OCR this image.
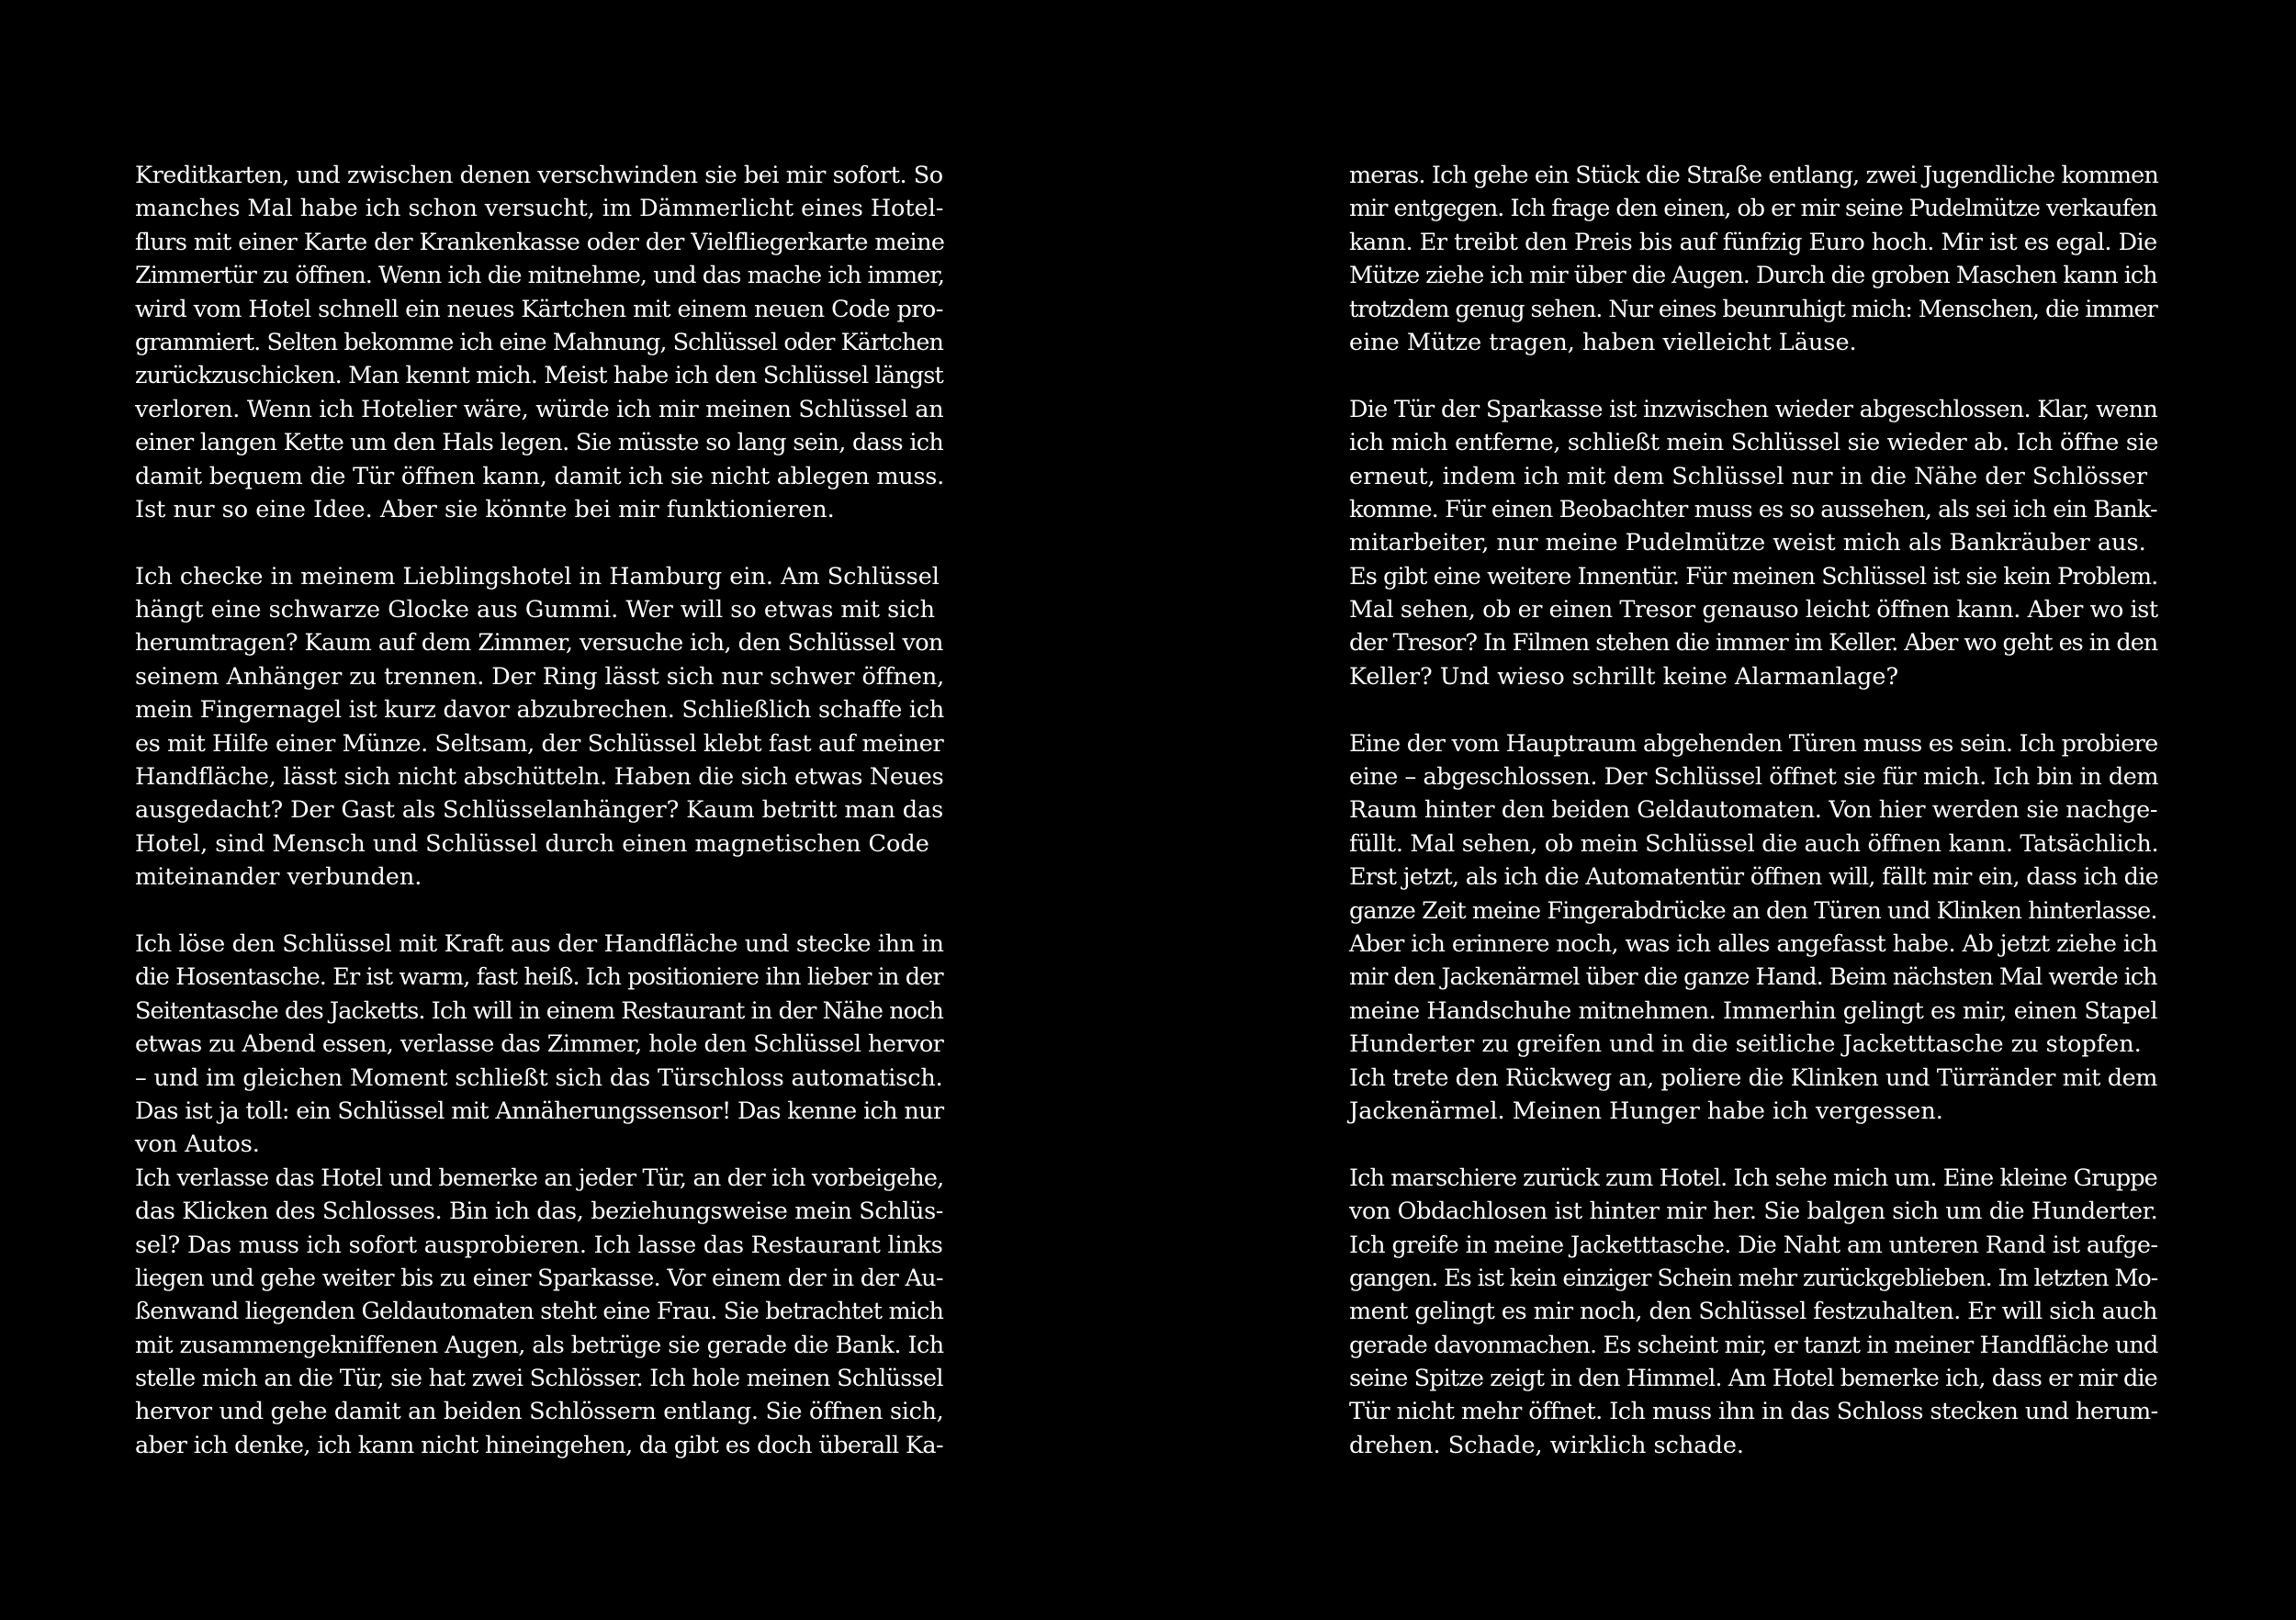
Kreditkarten, und zwischen denen verschwinden sie bei mir sofort. So
manches Mal habe ich schon versucht, im Dämmerlicht eines Hotel-
flurs mit einer Karte der Krankenkasse oder der Vielfliegerkarte meine
Zimmertür zu öffnen. Wenn ich die mitnehme, und das mache ich immer,
wird vom Hotel schnell ein neues Kärtchen mit einem neuen Code pro-
grammiert. Selten bekomme ich eine Mahnung, Schlüssel oder Kärtchen
zurückzuschicken. Man kennt mich. Meist habe ich den Schlüssel längst
verloren. Wenn ich Hotelier wäre, würde ich mir meinen Schlüssel an
einer langen Kette um den Hals legen. Sie müsste so lang sein, dass ich
damit bequem die Tür öffnen kann, damit ich sie nicht ablegen muss.
Ist nur so eine Idee. Aber sie könnte bei mir funktionieren.
Ich checke in meinem Lieblingshotel in Hamburg ein. Am Schlüssel
hängt eine schwarze Glocke aus Gummi. Wer will so etwas mit sich
herumtragen? Kaum auf dem Zimmer, versuche ich, den Schlüssel von
seinem Anhänger zu trennen. Der Ring lässt sich nur schwer öffnen,
mein Fingernagel ist kurz davor abzubrechen. Schließlich schaffe ich
es mit Hilfe einer Münze. Seltsam, der Schlüssel klebt fast auf meiner
Handfläche, lässt sich nicht abschütteln. Haben die sich etwas Neues
ausgedacht? Der Gast als Schlüsselanhänger? Kaum betritt man das
Hotel, sind Mensch und Schlüssel durch einen magnetischen Code
miteinander verbunden.
Ich löse den Schlüssel mit Kraft aus der Handfläche und stecke ihn in
die Hosentasche. Er ist warm, fast heiß. Ich positioniere ihn lieber in der
Seitentasche des Jacketts. Ich will in einem Restaurant in der Nähe noch
etwas zu Abend essen, verlasse das Zimmer, hole den Schlüssel hervor
– und im gleichen Moment schließt sich das Türschloss automatisch.
Das ist ja toll: ein Schlüssel mit Annäherungssensor! Das kenne ich nur
von Autos.
Ich verlasse das Hotel und bemerke an jeder Tür, an der ich vorbeigehe,
das Klicken des Schlosses. Bin ich das, beziehungsweise mein Schlüs-
sel? Das muss ich sofort ausprobieren. Ich lasse das Restaurant links
liegen und gehe weiter bis zu einer Sparkasse. Vor einem der in der Au-
ßenwand liegenden Geldautomaten steht eine Frau. Sie betrachtet mich
mit zusammengekniffenen Augen, als betrüge sie gerade die Bank. Ich
stelle mich an die Tür, sie hat zwei Schlösser. Ich hole meinen Schlüssel
hervor und gehe damit an beiden Schlössern entlang. Sie öffnen sich,
aber ich denke, ich kann nicht hineingehen, da gibt es doch überall Ka-
meras. Ich gehe ein Stück die Straße entlang, zwei Jugendliche kommen
mir entgegen. Ich frage den einen, ob er mir seine Pudelmütze verkaufen
kann. Er treibt den Preis bis auf fünfzig Euro hoch. Mir ist es egal. Die
Mütze ziehe ich mir über die Augen. Durch die groben Maschen kann ich
trotzdem genug sehen. Nur eines beunruhigt mich: Menschen, die immer
eine Mütze tragen, haben vielleicht Läuse.
Die Tür der Sparkasse ist inzwischen wieder abgeschlossen. Klar, wenn
ich mich entferne, schließt mein Schlüssel sie wieder ab. Ich öffne sie
erneut, indem ich mit dem Schlüssel nur in die Nähe der Schlösser
komme. Für einen Beobachter muss es so aussehen, als sei ich ein Bank-
mitarbeiter, nur meine Pudelmütze weist mich als Bankräuber aus.
Es gibt eine weitere Innentür. Für meinen Schlüssel ist sie kein Problem.
Mal sehen, ob er einen Tresor genauso leicht öffnen kann. Aber wo ist
der Tresor? In Filmen stehen die immer im Keller. Aber wo geht es in den
Keller? Und wieso schrillt keine Alarmanlage?
Eine der vom Hauptraum abgehenden Türen muss es sein. Ich probiere
eine – abgeschlossen. Der Schlüssel öffnet sie für mich. Ich bin in dem
Raum hinter den beiden Geldautomaten. Von hier werden sie nachge-
füllt. Mal sehen, ob mein Schlüssel die auch öffnen kann. Tatsächlich.
Erst jetzt, als ich die Automatentür öffnen will, fällt mir ein, dass ich die
ganze Zeit meine Fingerabdrücke an den Türen und Klinken hinterlasse.
Aber ich erinnere noch, was ich alles angefasst habe. Ab jetzt ziehe ich
mir den Jackenärmel über die ganze Hand. Beim nächsten Mal werde ich
meine Handschuhe mitnehmen. Immerhin gelingt es mir, einen Stapel
Hunderter zu greifen und in die seitliche Jacketttasche zu stopfen.
Ich trete den Rückweg an, poliere die Klinken und Türränder mit dem
Jackenärmel. Meinen Hunger habe ich vergessen.
Ich marschiere zurück zum Hotel. Ich sehe mich um. Eine kleine Gruppe
von Obdachlosen ist hinter mir her. Sie balgen sich um die Hunderter.
Ich greife in meine Jacketttasche. Die Naht am unteren Rand ist aufge-
gangen. Es ist kein einziger Schein mehr zurückgeblieben. Im letzten Mo-
ment gelingt es mir noch, den Schlüssel festzuhalten. Er will sich auch
gerade davonmachen. Es scheint mir, er tanzt in meiner Handfläche und
seine Spitze zeigt in den Himmel. Am Hotel bemerke ich, dass er mir die
Tür nicht mehr öffnet. Ich muss ihn in das Schloss stecken und herum-
drehen. Schade, wirklich schade.
